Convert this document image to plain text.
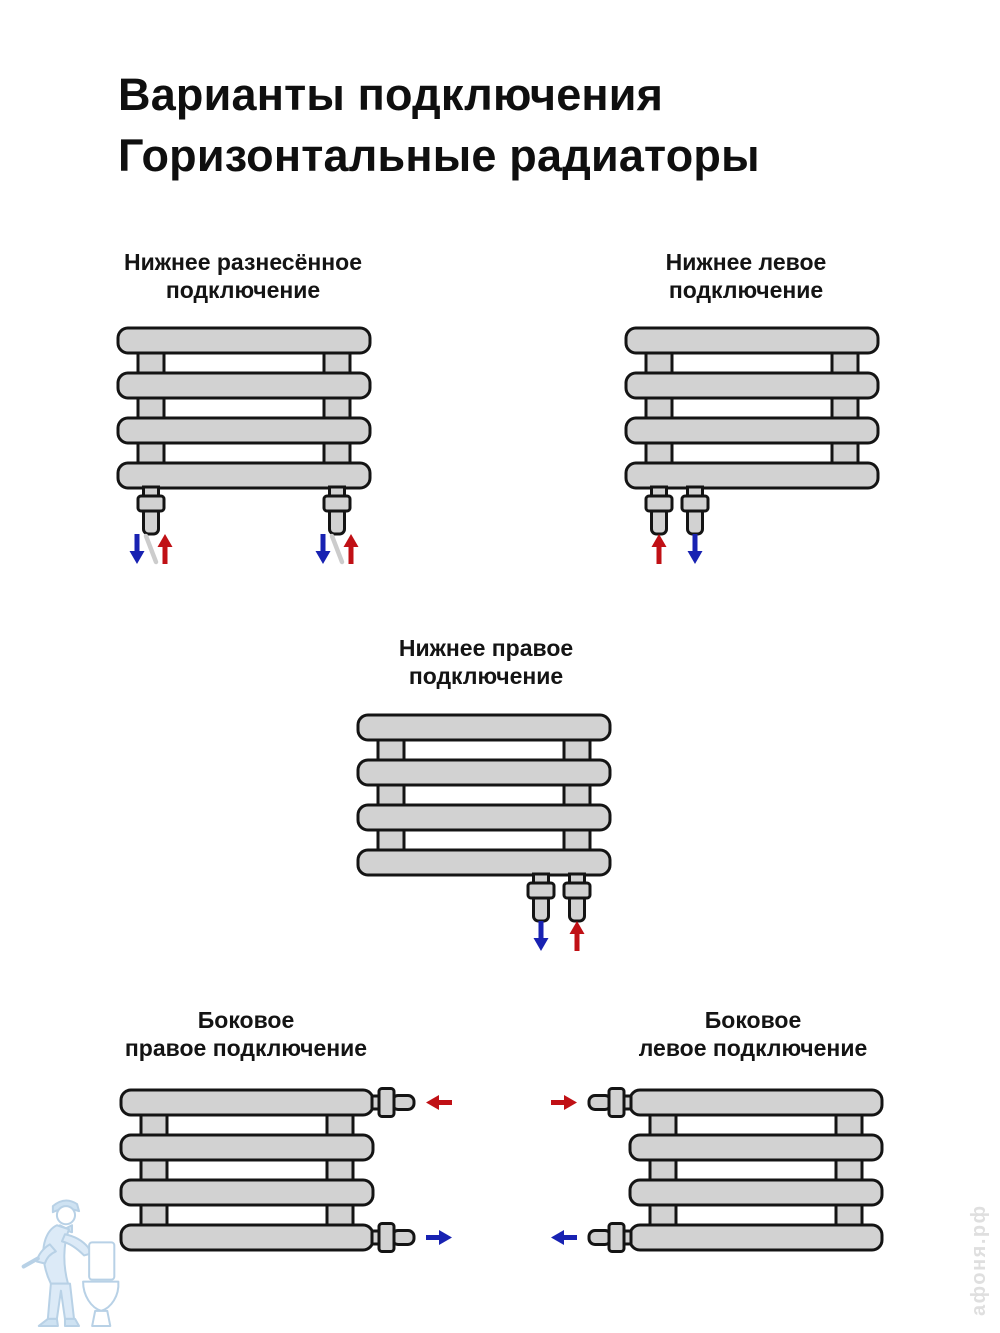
Варианты подключения
Горизонтальные радиаторы
Нижнее разнесённое
подключение
Нижнее левое
подключение
Нижнее правое
подключение
Боковое
правое подключение
Боковое
левое подключение
афоня.рф
